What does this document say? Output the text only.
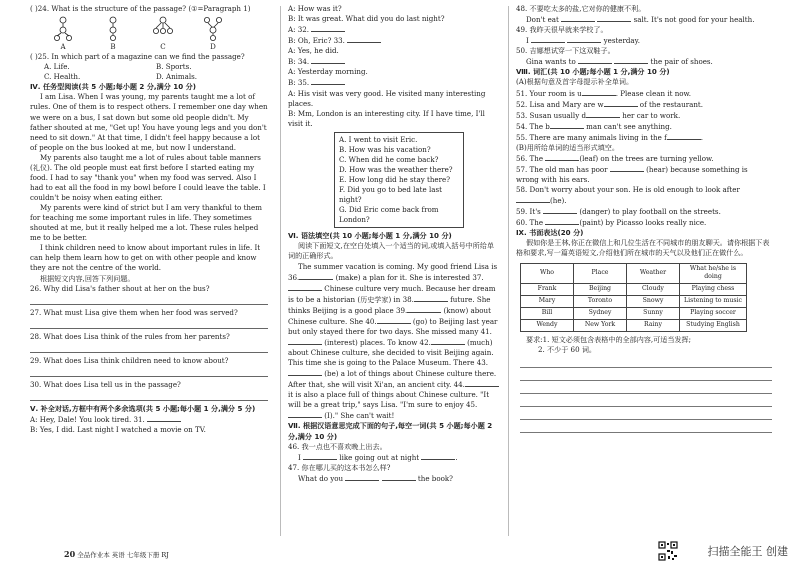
( )24. What is the structure of the passage? (①=Paragraph 1)

A	B	C	D

( )25. In which part of a magazine can we find the passage?

A. Life.	B. Sports.
C. Health.	D. Animals.

Ⅳ. 任务型阅读(共 5 小题;每小题 2 分,满分 10 分)

I am Lisa. When I was young, my parents taught me a lot of rules. One of them is to respect others. I remember one day when we were on a bus, I sat down but some old people didn't. My father shouted at me, "Get up! You have young legs and you don't need to sit down." At that time, I didn't feel happy because a lot of people on the bus looked at me, but now I understand.

My parents also taught me a lot of rules about table manners (礼仪). The old people must eat first before I started eating my food. I had to say "thank you" when my food was served. Also I had to eat all the food in my bowl before I could leave the table. I couldn't be noisy when eating either.

My parents were kind of strict but I am very thankful to them for teaching me some important rules in life. They sometimes shouted at me, but it really helped me a lot. These rules helped me to be better.

I think children need to know about important rules in life. It can help them learn how to get on with other people and know they are not the centre of the world.

根据短文内容,回答下列问题。

26. Why did Lisa's father shout at her on the bus?

27. What must Lisa give them when her food was served?

28. What does Lisa think of the rules from her parents?

29. What does Lisa think children need to know about?

30. What does Lisa tell us in the passage?

Ⅴ. 补全对话,方框中有两个多余选项(共 5 小题;每小题 1 分,满分 5 分)

A: Hey, Dale! You look tired. 31.

B: Yes, I did. Last night I watched a movie on TV.

A: How was it?

B: It was great. What did you do last night?

A: 32.

B: Oh, Eric? 33.

A: Yes, he did.

B: 34.

A: Yesterday morning.

B: 35.

A: His visit was very good. He visited many interesting places.

B: Mm, London is an interesting city. If I have time, I'll visit it.

A. I went to visit Eric.
B. How was his vacation?
C. When did he come back?
D. How was the weather there?
E. How long did he stay there?
F. Did you go to bed late last night?
G. Did Eric come back from London?

Ⅵ. 语法填空(共 10 小题;每小题 1 分,满分 10 分)

阅读下面短文,在空白处填入一个适当的词,或填入括号中所给单词的正确形式。

The summer vacation is coming. My good friend Lisa is 36.	(make) a plan for it. She is interested 37. Chinese culture very much. Because her dream is to be a historian (历史学家) in 38.	future. She thinks Beijing is a good place 39.	(know) about Chinese culture. She 40.	(go) to Beijing last year but only stayed there for two days. She missed many 41. (interest) places. To know 42.	(much) about Chinese culture, she decided to visit Beijing again. This time she is going to the Palace Museum. There 43. (be) a lot of things about Chinese culture there. After that, she will visit Xi'an, an ancient city. 44. it is also a place full of things about Chinese culture. "It will be a great trip," says Lisa. "I'm sure to enjoy 45. (I)." She can't wait!

Ⅶ. 根据汉语意思完成下面的句子,每空一词(共 5 小题;每小题 2 分,满分 10 分)

46. 我一点也不喜欢晚上出去。

I	like going out at night	.

47. 你在哪儿买的这本书怎么样?

What do you	the book?

48. 不要吃太多的盐,它对你的健康不利。

Don't eat	salt. It's not good for your health.

49. 我昨天很早就来学校了。

I	yesterday.

50. 吉娜想试穿一下这双鞋子。

Gina wants to	the pair of shoes.

Ⅷ. 词汇(共 10 小题;每小题 1 分,满分 10 分)

(A)根据句意及首字母提示补全单词。

51. Your room is u	. Please clean it now.

52. Lisa and Mary are w	of the restaurant.

53. Susan usually d	her car to work.

54. The b	man can't see anything.

55. There are many animals living in the f	.

(B)用所给单词的适当形式填空。

56. The	(leaf) on the trees are turning yellow.

57. The old man has poor	(hear) because something is wrong with his ears.

58. Don't worry about your son. He is old enough to look after (he).

59. It's	(danger) to play football on the streets.

60. The	(paint) by Picasso looks really nice.

Ⅸ. 书面表达(20 分)

假如你是王林,你正在微信上和几位生活在不同城市的朋友聊天。请你根据下表格和要求,写一篇英语短文,介绍他们所在城市的天气以及他们正在做什么。

Who	Place	Weather	What he/she is doing
Frank	Beijing	Cloudy	Playing chess
Mary	Toronto	Snowy	Listening to music
Bill	Sydney	Sunny	Playing soccer
Wendy	New York	Rainy	Studying English

要求:1. 短文必须包含表格中的全部内容,可适当发挥;

2. 不少于 60 词。

20 全品作业本 英语 七年级下册 RJ	扫描全能王 创建
